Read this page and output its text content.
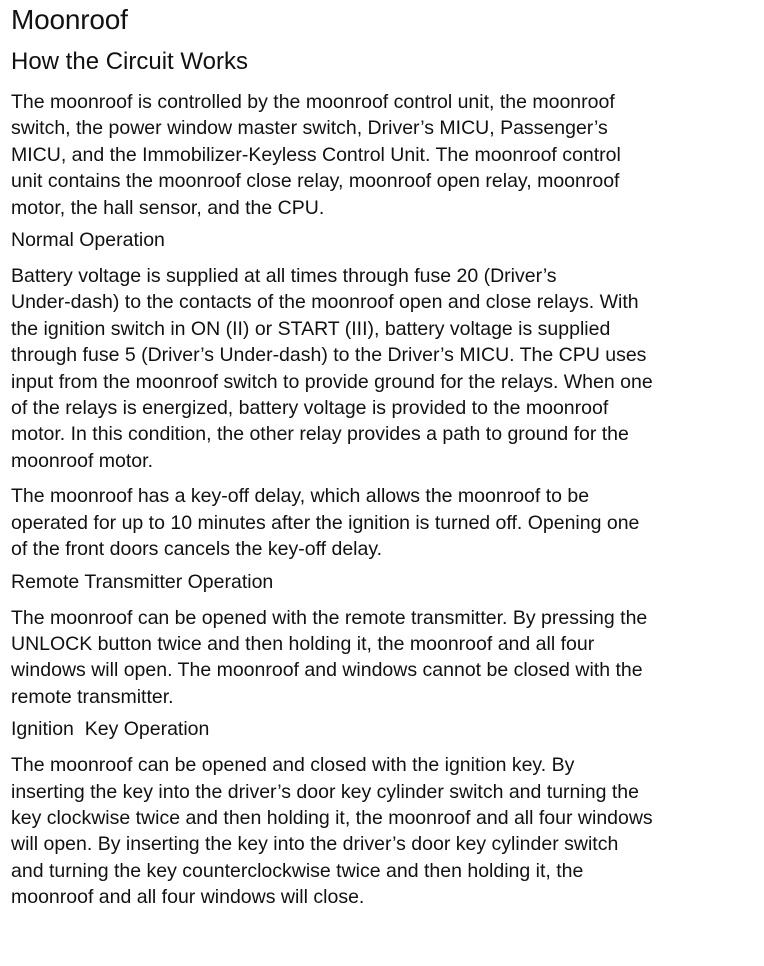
Moonroof
How the Circuit Works

The moonroof is controlled by the moonroof control unit, the moonroof
switch, the power window master switch, Driver’s MICU, Passenger’s
MICU, and the Immobilizer-Keyless Control Unit. The moonroof control
unit contains the moonroof close relay, moonroof open relay, moonroof
motor, the hall sensor, and the CPU.

Normal Operation

Battery voltage is supplied at all times through fuse 20 (Driver’s
Under-dash) to the contacts of the moonroof open and close relays. With
the ignition switch in ON (II) or START (III), battery voltage is supplied
through fuse 5 (Driver’s Under-dash) to the Driver’s MICU. The CPU uses
input from the moonroof switch to provide ground for the relays. When one
of the relays is energized, battery voltage is provided to the moonroof
motor. In this condition, the other relay provides a path to ground for the
moonroof motor.

The moonroof has a key-off delay, which allows the moonroof to be
operated for up to 10 minutes after the ignition is turned off. Opening one
of the front doors cancels the key-off delay.

Remote Transmitter Operation

The moonroof can be opened with the remote transmitter. By pressing the
UNLOCK button twice and then holding it, the moonroof and all four
windows will open. The moonroof and windows cannot be closed with the
remote transmitter.

Ignition  Key Operation

The moonroof can be opened and closed with the ignition key. By
inserting the key into the driver’s door key cylinder switch and turning the
key clockwise twice and then holding it, the moonroof and all four windows
will open. By inserting the key into the driver’s door key cylinder switch
and turning the key counterclockwise twice and then holding it, the
moonroof and all four windows will close.
